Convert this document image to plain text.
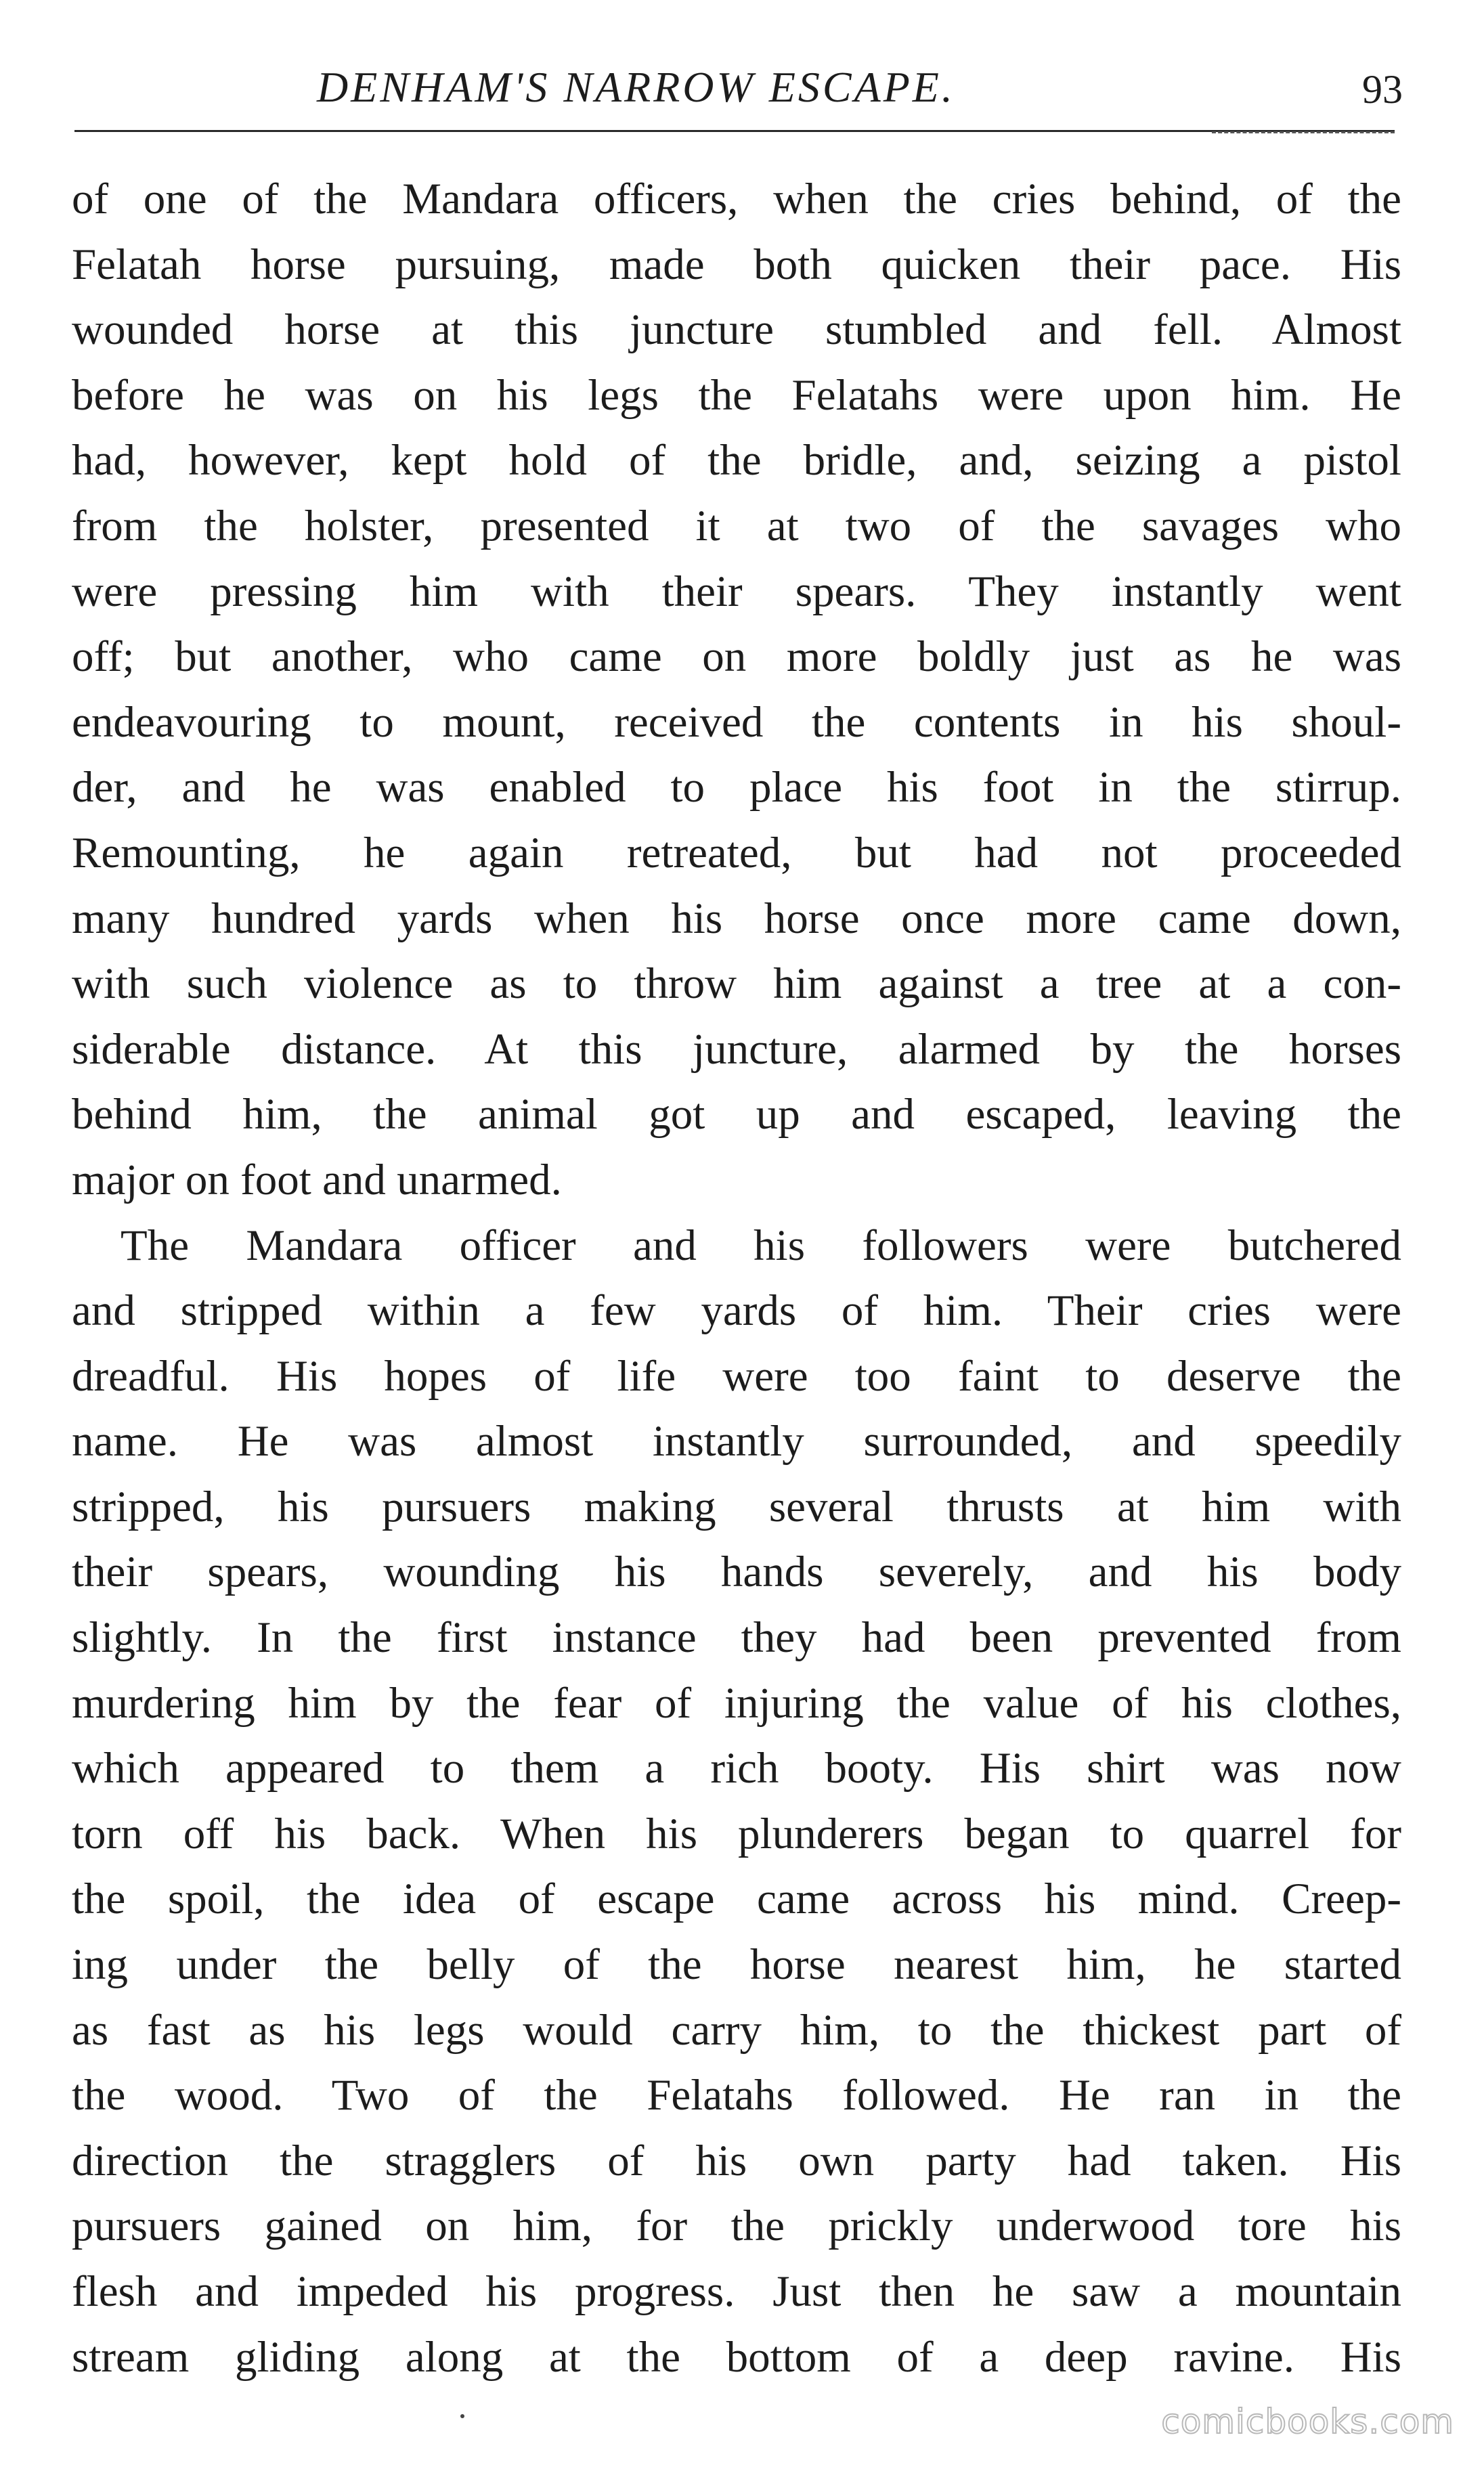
DENHAM'S NARROW ESCAPE.	93
of one of the Mandara officers, when the cries behind, of the
Felatah horse pursuing, made both quicken their pace. His
wounded horse at this juncture stumbled and fell. Almost
before he was on his legs the Felatahs were upon him. He
had, however, kept hold of the bridle, and, seizing a pistol
from the holster, presented it at two of the savages who
were pressing him with their spears. They instantly went
off; but another, who came on more boldly just as he was
endeavouring to mount, received the contents in his shoul-
der, and he was enabled to place his foot in the stirrup.
Remounting, he again retreated, but had not proceeded
many hundred yards when his horse once more came down,
with such violence as to throw him against a tree at a con-
siderable distance. At this juncture, alarmed by the horses
behind him, the animal got up and escaped, leaving the
major on foot and unarmed.
The Mandara officer and his followers were butchered
and stripped within a few yards of him. Their cries were
dreadful. His hopes of life were too faint to deserve the
name. He was almost instantly surrounded, and speedily
stripped, his pursuers making several thrusts at him with
their spears, wounding his hands severely, and his body
slightly. In the first instance they had been prevented from
murdering him by the fear of injuring the value of his clothes,
which appeared to them a rich booty. His shirt was now
torn off his back. When his plunderers began to quarrel for
the spoil, the idea of escape came across his mind. Creep-
ing under the belly of the horse nearest him, he started
as fast as his legs would carry him, to the thickest part of
the wood. Two of the Felatahs followed. He ran in the
direction the stragglers of his own party had taken. His
pursuers gained on him, for the prickly underwood tore his
flesh and impeded his progress. Just then he saw a mountain
stream gliding along at the bottom of a deep ravine. His
comicbooks.com
